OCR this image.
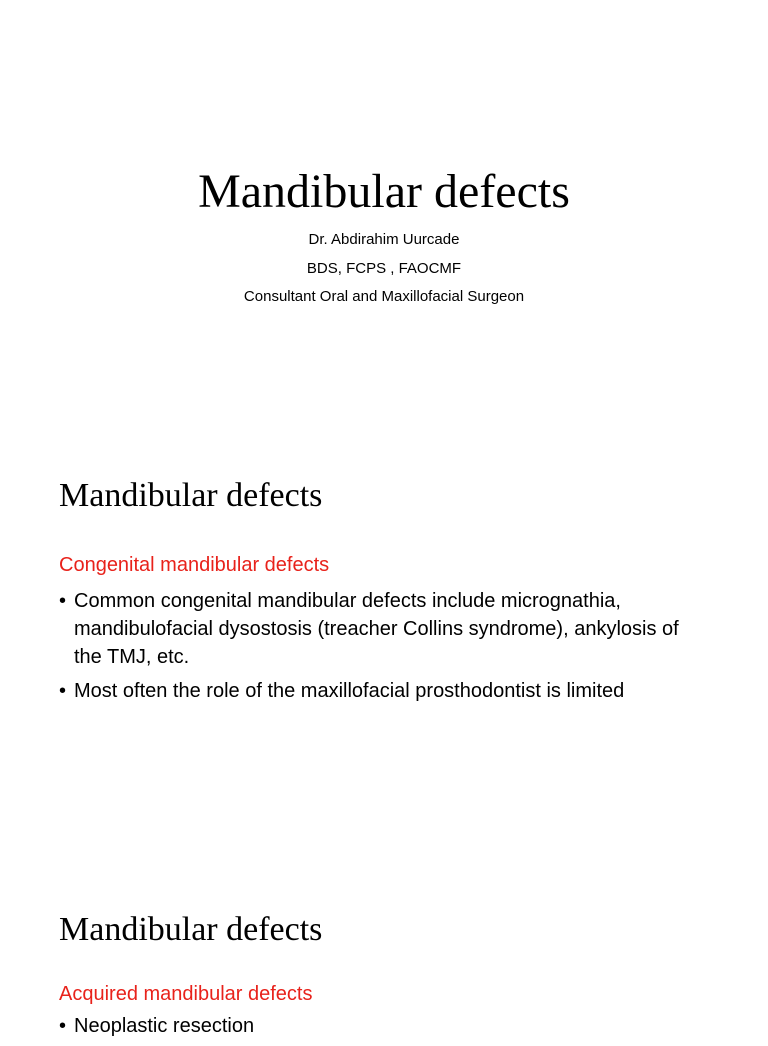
Mandibular defects
Dr. Abdirahim Uurcade
BDS, FCPS , FAOCMF
Consultant Oral and Maxillofacial Surgeon
Mandibular defects
Congenital mandibular defects
• Common congenital mandibular defects include micrognathia, mandibulofacial dysostosis (treacher Collins syndrome), ankylosis of the TMJ, etc.
• Most often the role of the maxillofacial prosthodontist is limited
Mandibular defects
Acquired mandibular defects
• Neoplastic resection
